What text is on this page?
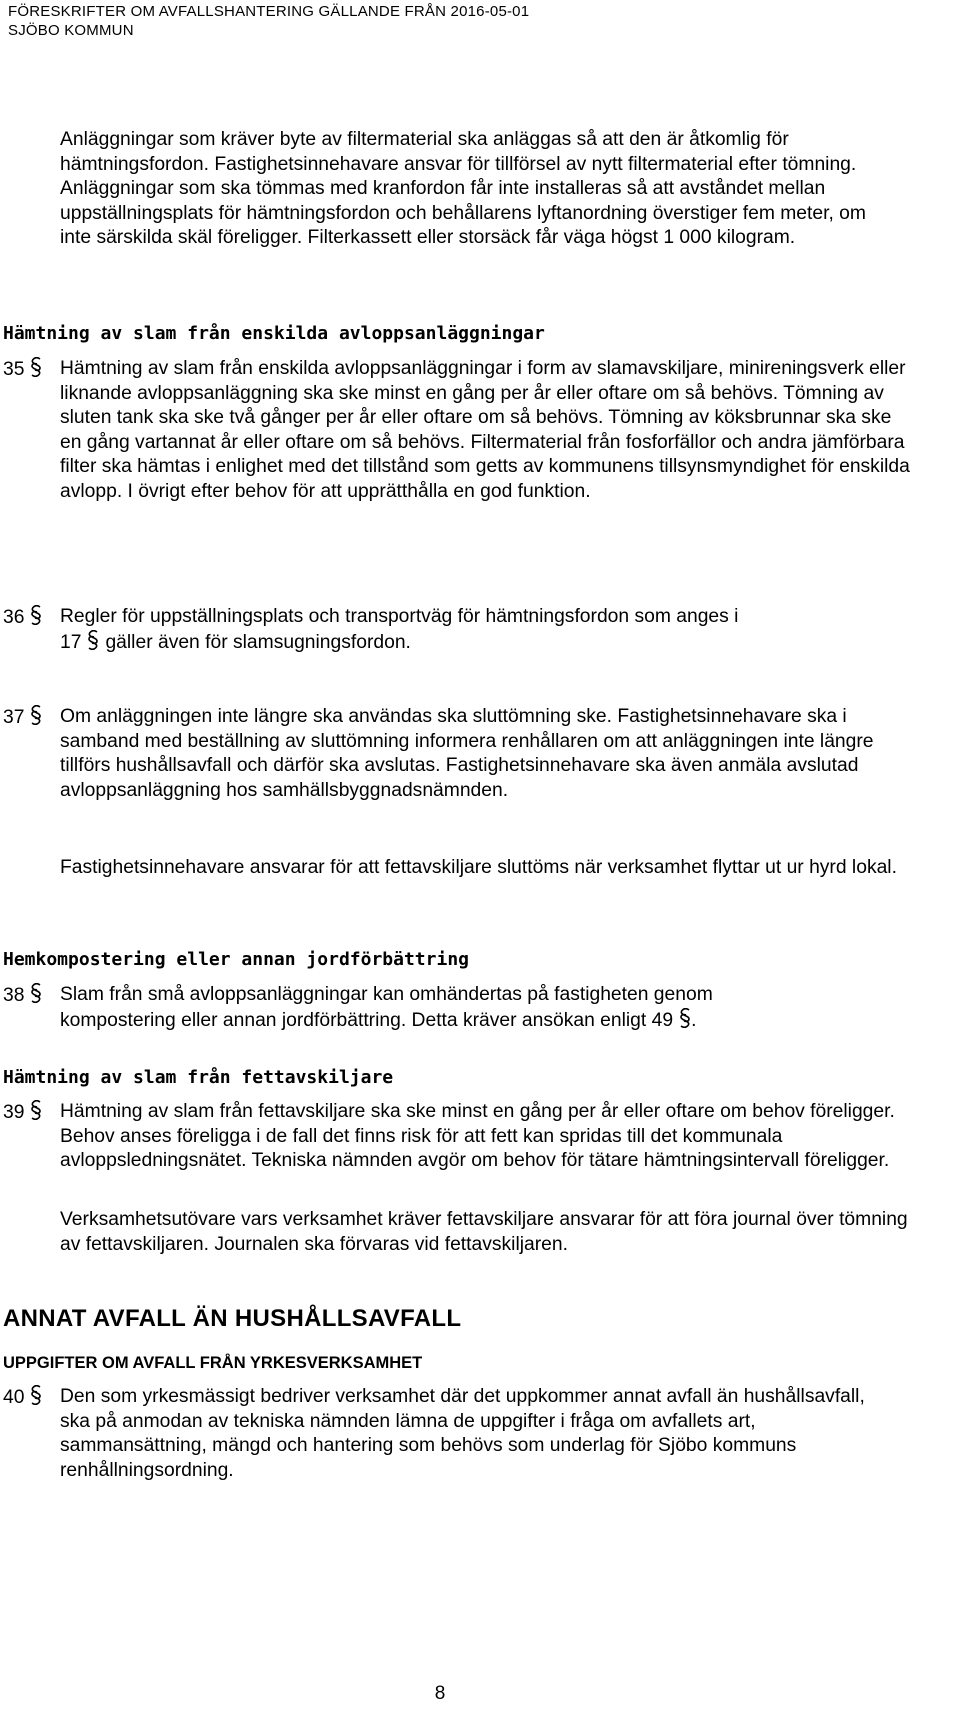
FÖRESKRIFTER OM AVFALLSHANTERING GÄLLANDE FRÅN 2016-05-01
SJÖBO KOMMUN
Anläggningar som kräver byte av filtermaterial ska anläggas så att den är åtkomlig för hämtningsfordon. Fastighetsinnehavare ansvar för tillförsel av nytt filtermaterial efter tömning. Anläggningar som ska tömmas med kranfordon får inte installeras så att avståndet mellan uppställningsplats för hämtningsfordon och behållarens lyftanordning överstiger fem meter, om inte särskilda skäl föreligger. Filterkassett eller storsäck får väga högst 1 000 kilogram.
Hämtning av slam från enskilda avloppsanläggningar
35	Hämtning av slam från enskilda avloppsanläggningar i form av slamavskiljare, minireningsverk eller liknande avloppsanläggning ska ske minst en gång per år eller oftare om så behövs. Tömning av sluten tank ska ske två gånger per år eller oftare om så behövs. Tömning av köksbrunnar ska ske en gång vartannat år eller oftare om så behövs. Filtermaterial från fosforfällor och andra jämförbara filter ska hämtas i enlighet med det tillstånd som getts av kommunens tillsynsmyndighet för enskilda avlopp. I övrigt efter behov för att upprätthålla en god funktion.
36	Regler för uppställningsplats och transportväg för hämtningsfordon som anges i
17 gäller även för slamsugningsfordon.
37	Om anläggningen inte längre ska användas ska sluttömning ske. Fastighetsinnehavare ska i samband med beställning av sluttömning informera renhållaren om att anläggningen inte längre tillförs hushållsavfall och därför ska avslutas. Fastighetsinnehavare ska även anmäla avslutad avloppsanläggning hos samhällsbyggnadsnämnden.
Fastighetsinnehavare ansvarar för att fettavskiljare sluttöms när verksamhet flyttar ut ur hyrd lokal.
Hemkompostering eller annan jordförbättring
38	Slam från små avloppsanläggningar kan omhändertas på fastigheten genom
kompostering eller annan jordförbättring. Detta kräver ansökan enligt 49 .
Hämtning av slam från fettavskiljare
39	Hämtning av slam från fettavskiljare ska ske minst en gång per år eller oftare om behov föreligger. Behov anses föreligga i de fall det finns risk för att fett kan spridas till det kommunala avloppsledningsnätet. Tekniska nämnden avgör om behov för tätare hämtningsintervall föreligger.
Verksamhetsutövare vars verksamhet kräver fettavskiljare ansvarar för att föra journal över tömning av fettavskiljaren. Journalen ska förvaras vid fettavskiljaren.
ANNAT AVFALL ÄN HUSHÅLLSAVFALL
UPPGIFTER OM AVFALL FRÅN YRKESVERKSAMHET
40	Den som yrkesmässigt bedriver verksamhet där det uppkommer annat avfall än hushållsavfall, ska på anmodan av tekniska nämnden lämna de uppgifter i fråga om avfallets art, sammansättning, mängd och hantering som behövs som underlag för Sjöbo kommuns renhållningsordning.
8
